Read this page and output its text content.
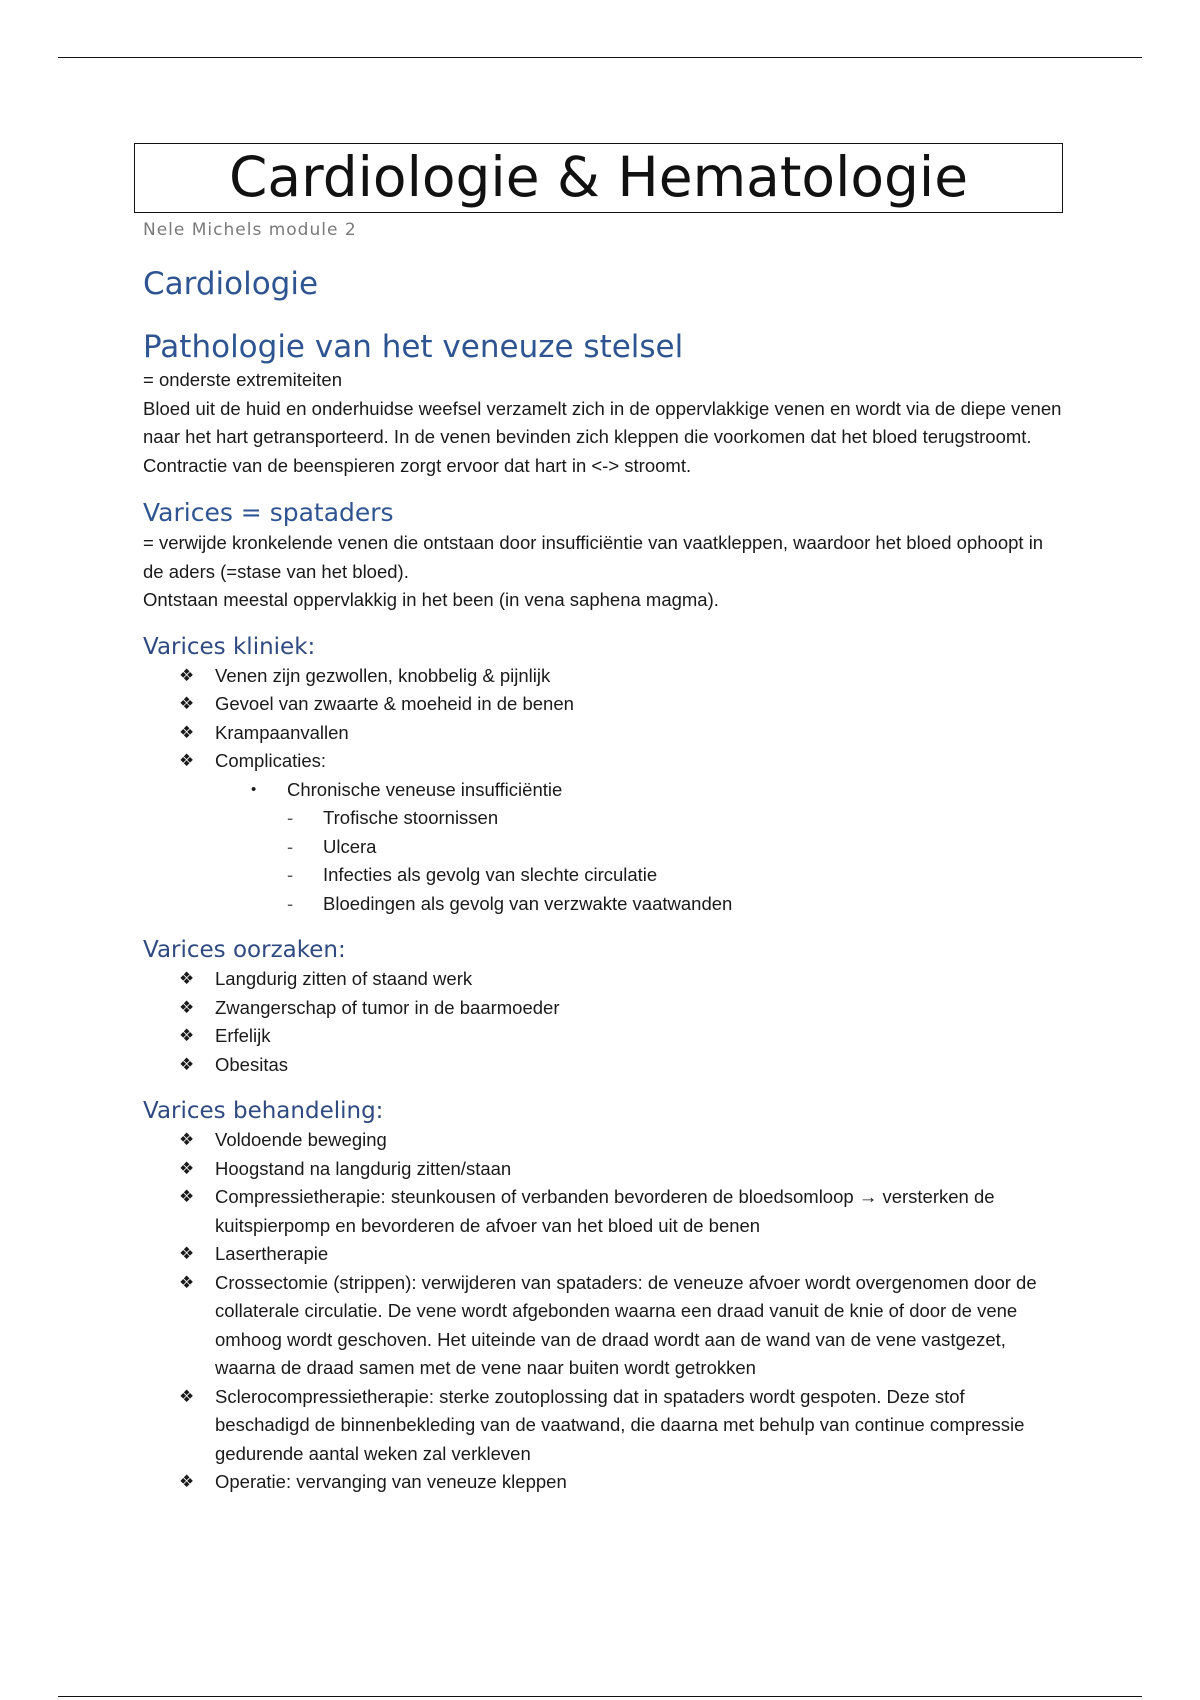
Cardiologie & Hematologie
Nele Michels module 2
Cardiologie
Pathologie van het veneuze stelsel

= onderste extremiteiten

Bloed uit de huid en onderhuidse weefsel verzamelt zich in de oppervlakkige venen en wordt via de diepe venen naar het hart getransporteerd. In de venen bevinden zich kleppen die voorkomen dat het bloed terugstroomt. Contractie van de beenspieren zorgt ervoor dat hart in <-> stroomt.

Varices = spataders

= verwijde kronkelende venen die ontstaan door insufficiëntie van vaatkleppen, waardoor het bloed ophoopt in de aders (=stase van het bloed).

Ontstaan meestal oppervlakkig in het been (in vena saphena magma).

Varices kliniek:
❖ Venen zijn gezwollen, knobbelig & pijnlijk
❖ Gevoel van zwaarte & moeheid in de benen
❖ Krampaanvallen
❖ Complicaties:
• Chronische veneuse insufficiëntie
- Trofische stoornissen
- Ulcera
- Infecties als gevolg van slechte circulatie
- Bloedingen als gevolg van verzwakte vaatwanden
Varices oorzaken:
❖ Langdurig zitten of staand werk
❖ Zwangerschap of tumor in de baarmoeder
❖ Erfelijk
❖ Obesitas
Varices behandeling:
❖ Voldoende beweging
❖ Hoogstand na langdurig zitten/staan
❖ Compressietherapie: steunkousen of verbanden bevorderen de bloedsomloop → versterken de kuitspierpomp en bevorderen de afvoer van het bloed uit de benen
❖ Lasertherapie
❖ Crossectomie (strippen): verwijderen van spataders: de veneuze afvoer wordt overgenomen door de collaterale circulatie. De vene wordt afgebonden waarna een draad vanuit de knie of door de vene omhoog wordt geschoven. Het uiteinde van de draad wordt aan de wand van de vene vastgezet, waarna de draad samen met de vene naar buiten wordt getrokken
❖ Sclerocompressietherapie: sterke zoutoplossing dat in spataders wordt gespoten. Deze stof beschadigd de binnenbekleding van de vaatwand, die daarna met behulp van continue compressie gedurende aantal weken zal verkleven
❖ Operatie: vervanging van veneuze kleppen
